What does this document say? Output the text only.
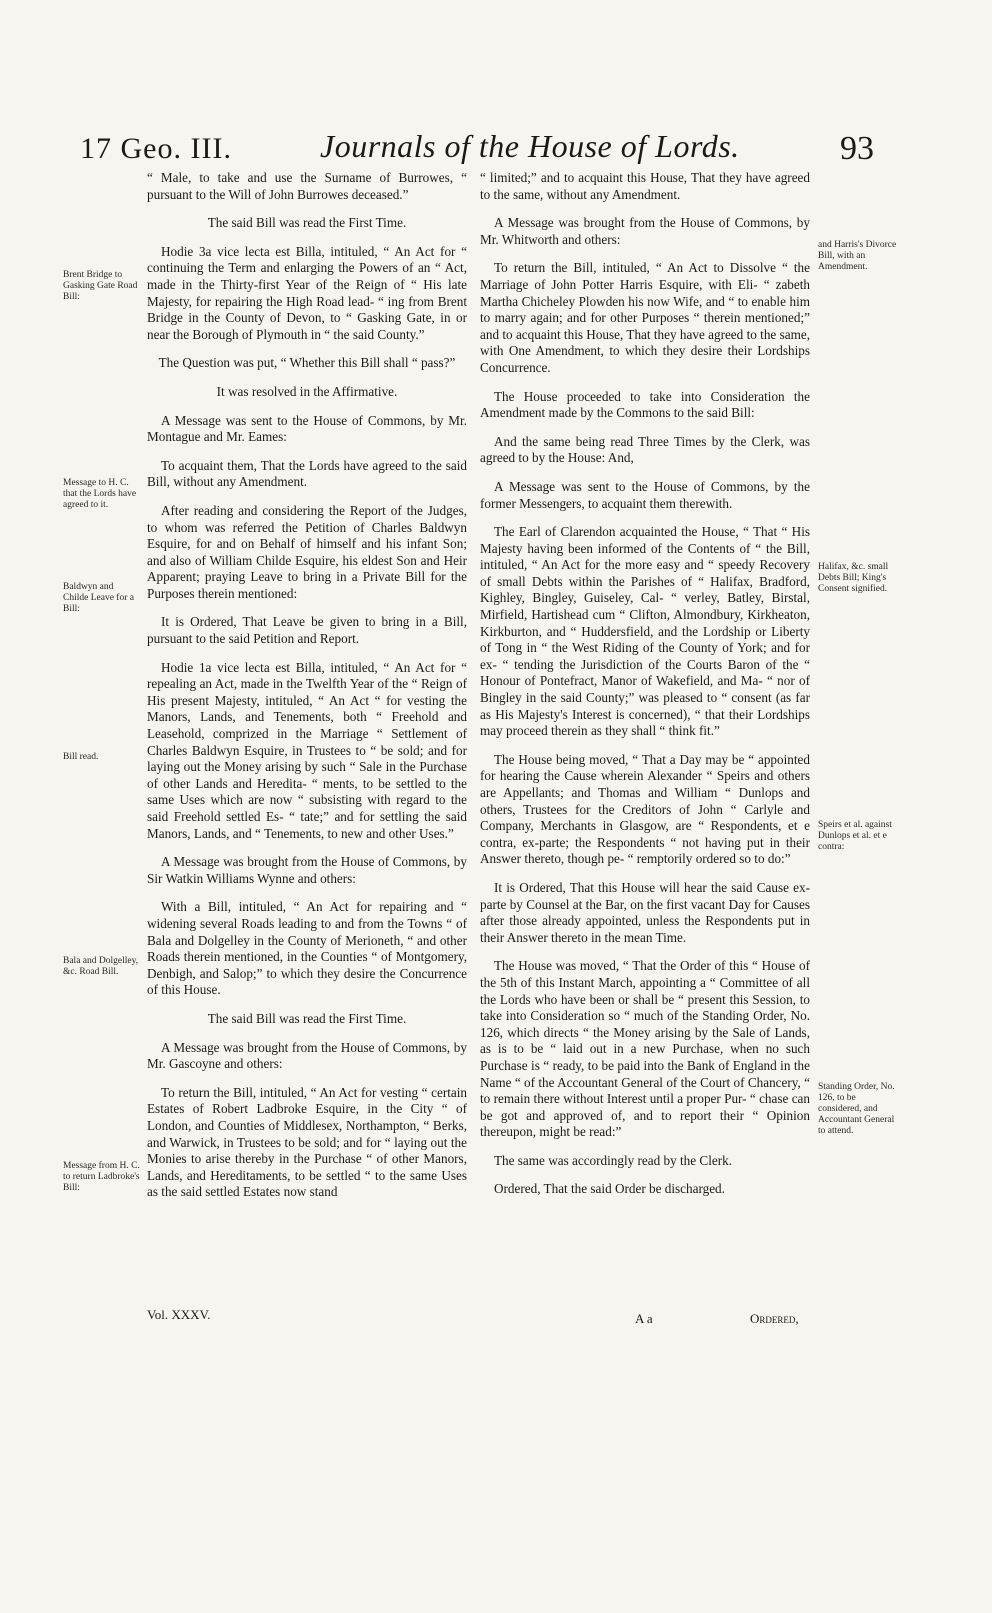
17 Geo. III.	Journals of the House of Lords.	93

“ Male, to take and use the Surname of Burrowes, “ pursuant to the Will of John Burrowes deceased.”

The said Bill was read the First Time.

Hodie 3a vice lecta est Billa, intituled, “ An Act for “ continuing the Term and enlarging the Powers of an “ Act, made in the Thirty-first Year of the Reign of “ His late Majesty, for repairing the High Road lead- “ ing from Brent Bridge in the County of Devon, to “ Gasking Gate, in or near the Borough of Plymouth in “ the said County.”

The Question was put, “ Whether this Bill shall “ pass?”

It was resolved in the Affirmative.

A Message was sent to the House of Commons, by Mr. Montague and Mr. Eames:

To acquaint them, That the Lords have agreed to the said Bill, without any Amendment.

After reading and considering the Report of the Judges, to whom was referred the Petition of Charles Baldwyn Esquire, for and on Behalf of himself and his infant Son; and also of William Childe Esquire, his eldest Son and Heir Apparent; praying Leave to bring in a Private Bill for the Purposes therein mentioned:

It is Ordered, That Leave be given to bring in a Bill, pursuant to the said Petition and Report.

Hodie 1a vice lecta est Billa, intituled, “ An Act for “ repealing an Act, made in the Twelfth Year of the “ Reign of His present Majesty, intituled, “ An Act “ for vesting the Manors, Lands, and Tenements, both “ Freehold and Leasehold, comprized in the Marriage “ Settlement of Charles Baldwyn Esquire, in Trustees to “ be sold; and for laying out the Money arising by such “ Sale in the Purchase of other Lands and Heredita- “ ments, to be settled to the same Uses which are now “ subsisting with regard to the said Freehold settled Es- “ tate;” and for settling the said Manors, Lands, and “ Tenements, to new and other Uses.”

A Message was brought from the House of Commons, by Sir Watkin Williams Wynne and others:

With a Bill, intituled, “ An Act for repairing and “ widening several Roads leading to and from the Towns “ of Bala and Dolgelley in the County of Merioneth, “ and other Roads therein mentioned, in the Counties “ of Montgomery, Denbigh, and Salop;” to which they desire the Concurrence of this House.

The said Bill was read the First Time.

A Message was brought from the House of Commons, by Mr. Gascoyne and others:

To return the Bill, intituled, “ An Act for vesting “ certain Estates of Robert Ladbroke Esquire, in the City “ of London, and Counties of Middlesex, Northampton, “ Berks, and Warwick, in Trustees to be sold; and for “ laying out the Monies to arise thereby in the Purchase “ of other Manors, Lands, and Hereditaments, to be settled “ to the same Uses as the said settled Estates now stand

“ limited;” and to acquaint this House, That they have agreed to the same, without any Amendment.

A Message was brought from the House of Commons, by Mr. Whitworth and others:

To return the Bill, intituled, “ An Act to Dissolve “ the Marriage of John Potter Harris Esquire, with Eli- “ zabeth Martha Chicheley Plowden his now Wife, and “ to enable him to marry again; and for other Purposes “ therein mentioned;” and to acquaint this House, That they have agreed to the same, with One Amendment, to which they desire their Lordships Concurrence.

The House proceeded to take into Consideration the Amendment made by the Commons to the said Bill:

And the same being read Three Times by the Clerk, was agreed to by the House: And,

A Message was sent to the House of Commons, by the former Messengers, to acquaint them therewith.

The Earl of Clarendon acquainted the House, “ That “ His Majesty having been informed of the Contents of “ the Bill, intituled, “ An Act for the more easy and “ speedy Recovery of small Debts within the Parishes of “ Halifax, Bradford, Kighley, Bingley, Guiseley, Cal- “ verley, Batley, Birstal, Mirfield, Hartishead cum “ Clifton, Almondbury, Kirkheaton, Kirkburton, and “ Huddersfield, and the Lordship or Liberty of Tong in “ the West Riding of the County of York; and for ex- “ tending the Jurisdiction of the Courts Baron of the “ Honour of Pontefract, Manor of Wakefield, and Ma- “ nor of Bingley in the said County;” was pleased to “ consent (as far as His Majesty's Interest is concerned), “ that their Lordships may proceed therein as they shall “ think fit.”

The House being moved, “ That a Day may be “ appointed for hearing the Cause wherein Alexander “ Speirs and others are Appellants; and Thomas and William “ Dunlops and others, Trustees for the Creditors of John “ Carlyle and Company, Merchants in Glasgow, are “ Respondents, et e contra, ex-parte; the Respondents “ not having put in their Answer thereto, though pe- “ remptorily ordered so to do:”

It is Ordered, That this House will hear the said Cause ex-parte by Counsel at the Bar, on the first vacant Day for Causes after those already appointed, unless the Respondents put in their Answer thereto in the mean Time.

The House was moved, “ That the Order of this “ House of the 5th of this Instant March, appointing a “ Committee of all the Lords who have been or shall be “ present this Session, to take into Consideration so “ much of the Standing Order, No. 126, which directs “ the Money arising by the Sale of Lands, as is to be “ laid out in a new Purchase, when no such Purchase is “ ready, to be paid into the Bank of England in the Name “ of the Accountant General of the Court of Chancery, “ to remain there without Interest until a proper Pur- “ chase can be got and approved of, and to report their “ Opinion thereupon, might be read:”

The same was accordingly read by the Clerk.

Ordered, That the said Order be discharged.

Brent Bridge to Gasking Gate Road Bill:
Message to H. C. that the Lords have agreed to it.
Baldwyn and Childe Leave for a Bill:
Bill read.
Bala and Dolgelley, &c. Road Bill.
Message from H. C. to return Ladbroke's Bill:
and Harris's Divorce Bill, with an Amendment.
Halifax, &c. small Debts Bill; King's Consent signified.
Speirs et al. against Dunlops et al. et e contra:
Standing Order, No. 126, to be considered, and Accountant General to attend.
Vol. XXXV.	A a	Ordered,
